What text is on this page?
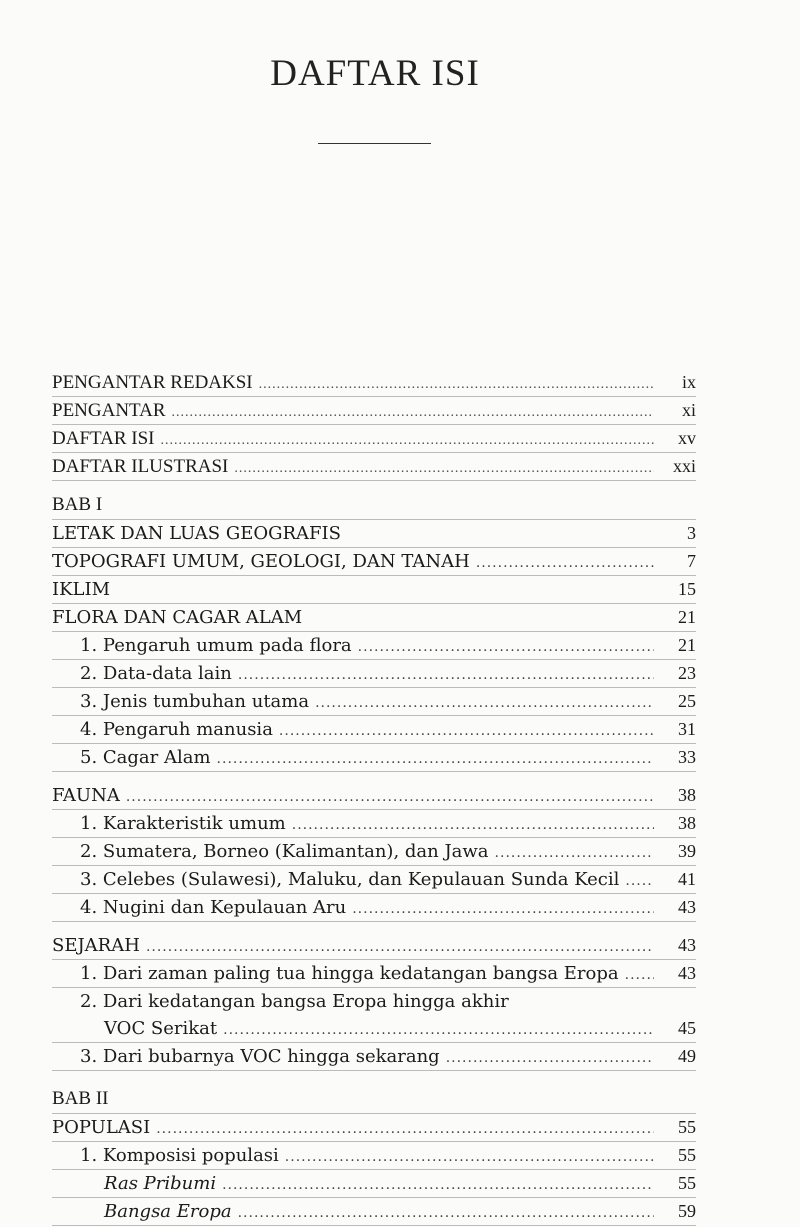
DAFTAR ISI
PENGANTAR REDAKSI .....	ix
PENGANTAR .....	xi
DAFTAR ISI .....	xv
DAFTAR ILUSTRASI .....	xxi
BAB I
LETAK DAN LUAS GEOGRAFIS	3
TOPOGRAFI UMUM, GEOLOGI, DAN TANAH .....	7
IKLIM	15
FLORA DAN CAGAR ALAM	21
1. Pengaruh umum pada flora .....	21
2. Data-data lain .....	23
3. Jenis tumbuhan utama .....	25
4. Pengaruh manusia .....	31
5. Cagar Alam .....	33
FAUNA .....	38
1. Karakteristik umum .....	38
2. Sumatera, Borneo (Kalimantan), dan Jawa .....	39
3. Celebes (Sulawesi), Maluku, dan Kepulauan Sunda Kecil .....	41
4. Nugini dan Kepulauan Aru .....	43
SEJARAH .....	43
1. Dari zaman paling tua hingga kedatangan bangsa Eropa .....	43
2. Dari kedatangan bangsa Eropa hingga akhir
VOC Serikat .....	45
3. Dari bubarnya VOC hingga sekarang .....	49
BAB II
POPULASI .....	55
1. Komposisi populasi .....	55
Ras Pribumi .....	55
Bangsa Eropa .....	59
